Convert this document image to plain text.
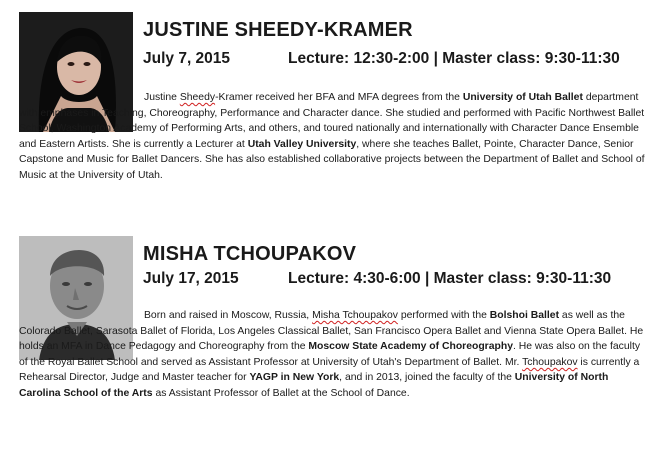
JUSTINE SHEEDY-KRAMER
July 7, 2015	Lecture: 12:30-2:00 | Master class: 9:30-11:30

Justine Sheedy-Kramer received her BFA and MFA degrees from the University of Utah Ballet department with emphases in Teaching, Choreography, Performance and Character dance. She studied and performed with Pacific Northwest Ballet School, Washington Academy of Performing Arts, and others, and toured nationally and internationally with Character Dance Ensemble and Eastern Artists. She is currently a Lecturer at Utah Valley University, where she teaches Ballet, Pointe, Character Dance, Senior Capstone and Music for Ballet Dancers. She has also established collaborative projects between the Department of Ballet and School of Music at the University of Utah.

MISHA TCHOUPAKOV
July 17, 2015	Lecture: 4:30-6:00 | Master class: 9:30-11:30

Born and raised in Moscow, Russia, Misha Tchoupakov performed with the Bolshoi Ballet as well as the Colorado Ballet, Sarasota Ballet of Florida, Los Angeles Classical Ballet, San Francisco Opera Ballet and Vienna State Opera Ballet. He holds an MFA in Dance Pedagogy and Choreography from the Moscow State Academy of Choreography. He was also on the faculty of the Royal Ballet School and served as Assistant Professor at University of Utah's Department of Ballet. Mr. Tchoupakov is currently a Rehearsal Director, Judge and Master teacher for YAGP in New York, and in 2013, joined the faculty of the University of North Carolina School of the Arts as Assistant Professor of Ballet at the School of Dance.
